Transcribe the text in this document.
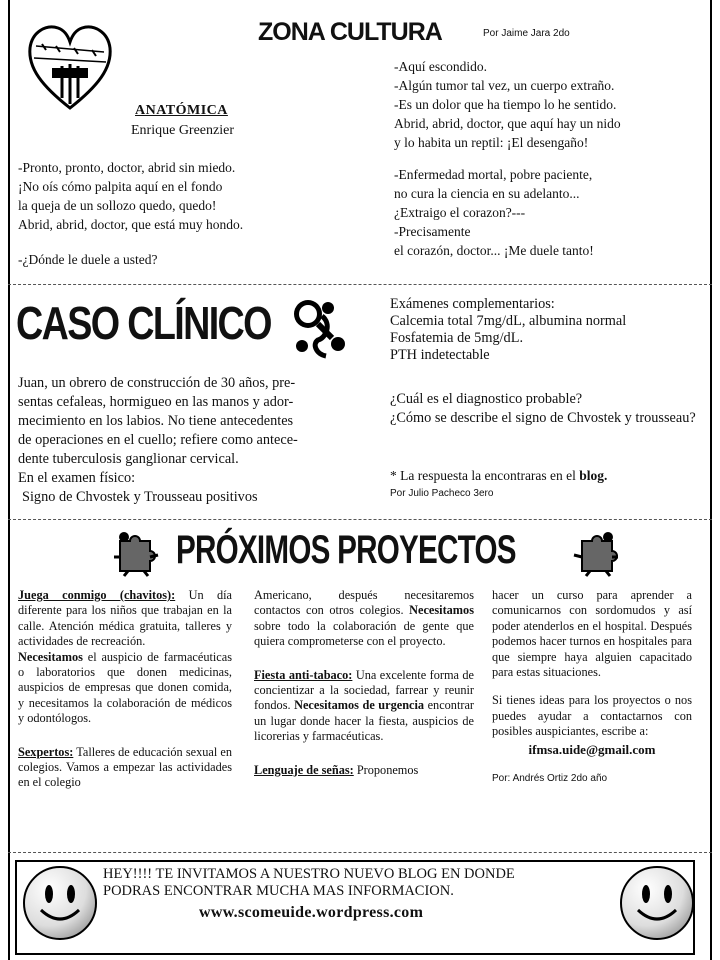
ZONA CULTURA	Por Jaime Jara 2do
ANATÓMICA
Enrique Greenzier
-Pronto, pronto, doctor, abrid sin miedo.
¡No oís cómo palpita aquí en el fondo
la queja de un sollozo quedo, quedo!
Abrid, abrid, doctor, que está muy hondo.
-¿Dónde le duele a usted?
-Aquí escondido.
-Algún tumor tal vez, un cuerpo extraño.
-Es un dolor que ha tiempo lo he sentido.
Abrid, abrid, doctor, que aquí hay un nido
y lo habita un reptil: ¡El desengaño!
-Enfermedad mortal, pobre paciente,
no cura la ciencia en su adelanto...
¿Extraigo el corazon?---
-Precisamente
el corazón, doctor... ¡Me duele tanto!
CASO CLÍNICO
Juan, un obrero de construcción de 30 años, pre-
sentas cefaleas, hormigueo en las manos y ador-
mecimiento en los labios. No tiene antecedentes
de operaciones en el cuello; refiere como antece-
dente tuberculosis ganglionar cervical.
En el examen físico:
Signo de Chvostek y Trousseau positivos
Exámenes complementarios:
Calcemia total 7mg/dL, albumina normal
Fosfatemia de 5mg/dL.
PTH indetectable
¿Cuál es el diagnostico probable?
¿Cómo se describe el signo de Chvostek y trousseau?
* La respuesta la encontraras en el blog.
Por Julio Pacheco 3ero
PRÓXIMOS PROYECTOS

Juega conmigo (chavitos): Un día diferente para los niños que trabajan en la calle. Atención médica gratuita, talleres y actividades de recreación.
Necesitamos el auspicio de farmacéuticas o laboratorios que donen medicinas, auspicios de empresas que donen comida, y necesitamos la colaboración de médicos y odontólogos.

Sexpertos: Talleres de educación sexual en colegios. Vamos a empezar las actividades en el colegio

Americano, después necesitaremos contactos con otros colegios. Necesitamos sobre todo la colaboración de gente que quiera comprometerse con el proyecto.

Fiesta anti-tabaco: Una excelente forma de concientizar a la sociedad, farrear y reunir fondos. Necesitamos de urgencia encontrar un lugar donde hacer la fiesta, auspicios de licorerias y farmacéuticas.

Lenguaje de señas: Proponemos

hacer un curso para aprender a comunicarnos con sordomudos y así poder atenderlos en el hospital. Después podemos hacer turnos en hospitales para que siempre haya alguien capacitado para estas situaciones.

Si tienes ideas para los proyectos o nos puedes ayudar a contactarnos con posibles auspiciantes, escribe a:

ifmsa.uide@gmail.com
Por: Andrés Ortiz 2do año
HEY!!!! TE INVITAMOS A NUESTRO NUEVO BLOG EN DONDE
PODRAS ENCONTRAR MUCHA MAS INFORMACION.
www.scomeuide.wordpress.com
